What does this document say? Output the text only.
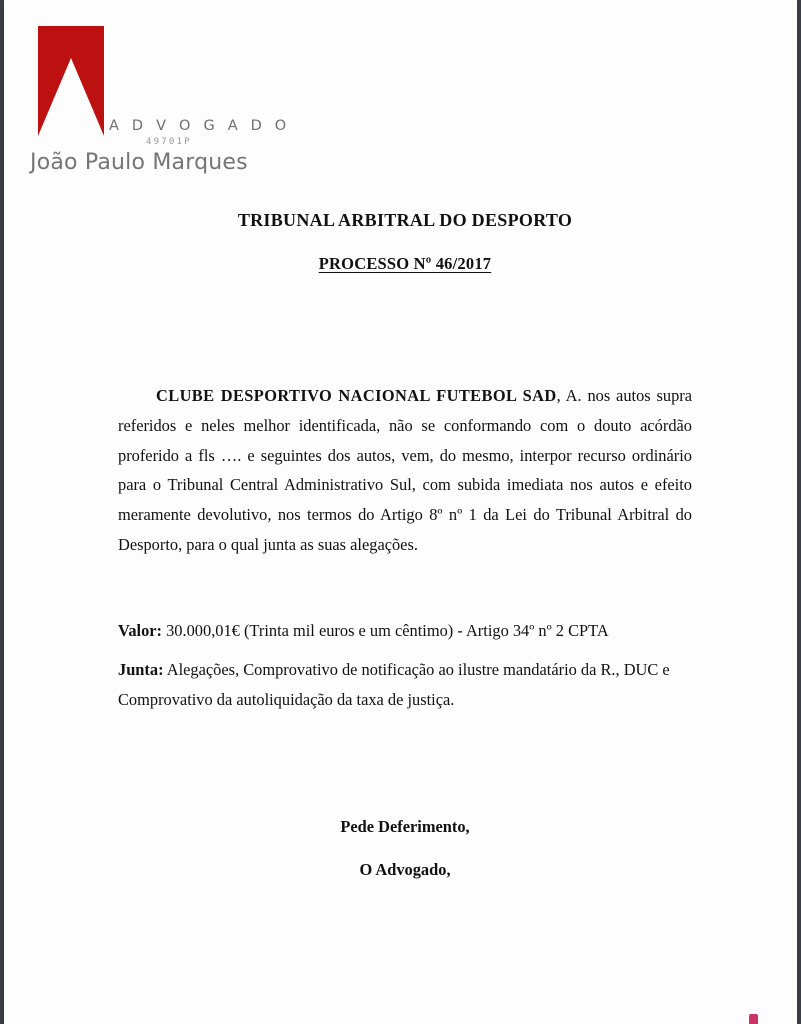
A D V O G A D O
49701P
João Paulo Marques
TRIBUNAL ARBITRAL DO DESPORTO
PROCESSO Nº 46/2017

CLUBE DESPORTIVO NACIONAL FUTEBOL SAD, A. nos autos supra referidos e neles melhor identificada, não se conformando com o douto acórdão proferido a fls …. e seguintes dos autos, vem, do mesmo, interpor recurso ordinário para o Tribunal Central Administrativo Sul, com subida imediata nos autos e efeito meramente devolutivo, nos termos do Artigo 8º nº 1 da Lei do Tribunal Arbitral do Desporto, para o qual junta as suas alegações.

Valor: 30.000,01€ (Trinta mil euros e um cêntimo) - Artigo 34º nº 2 CPTA
Junta: Alegações, Comprovativo de notificação ao ilustre mandatário da R., DUC e Comprovativo da autoliquidação da taxa de justiça.
Pede Deferimento,
O Advogado,
